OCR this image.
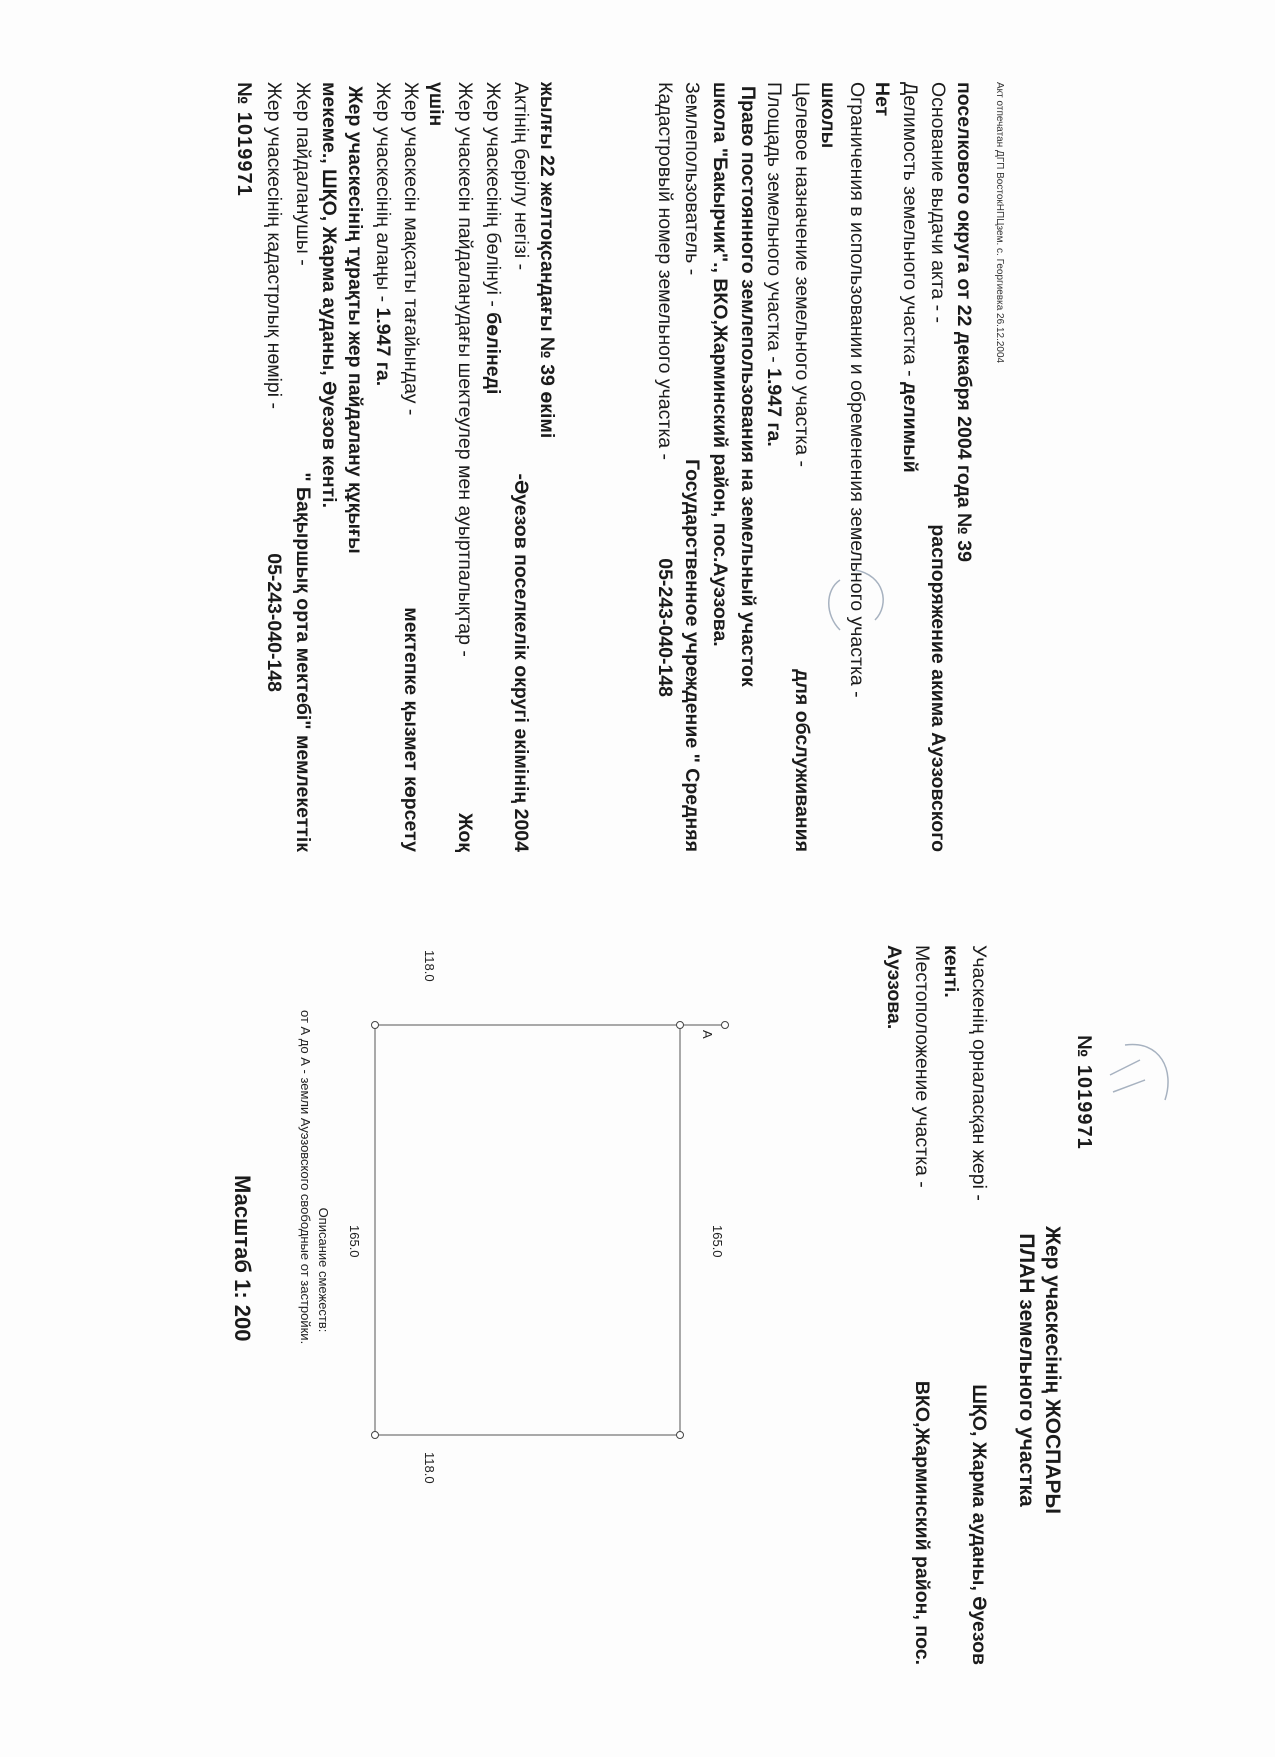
№ 1019971 Жер учаскесінің кадастрлық нөмірі -
05-243-040-148
Жер пайдаланушы -
" Бақыршық орта мектебі" мемлекеттік
мекеме., ШҚО, Жарма ауданы, Әуезов кенті. Жер учаскесінің тұрақты жер пайдалану құқығы Жер учаскесінің алаңы - 1.947 га. Жер учаскесін мақсаты тағайындау -
мектепке қызмет көрсету
үшін Жер учаскесін пайдаланудағы шектеулер мен ауыртпалықтар -
Жоқ
Жер учаскесінің бөлінуі - бөлінеді
Актінің берілу негізі -
-Әуезов поселкелік округі әкімінің 2004
жылғы 22 желтоқсандағы № 39 өкімі	Кадастровый номер земельного участка -
05-243-040-148
Землепользователь -
Государственное учреждение " Средняя
школа "Бакырчик"., ВКО,Жарминский район, пос.Ауэзова. Право постоянного землепользования на земельный участок Площадь земельного участка - 1.947 га. Целевое назначение земельного участка -
для обслуживания
школы Ограничения в использовании и обременения земельного участка - Нет Делимость земельного участка - делимый
Основание выдачи акта - -
распоряжение акима Ауэзовского
поселкового округа от 22 декабря 2004 года № 39 Акт отпечатан ДГП ВостокНПЦзем. с. Георгиевка 26.12.2004
№ 1019971
Жер учаскесінің ЖОСПАРЫ
ПЛАН земельного участка
Учаскенің орналасқан жері -
ШҚО, Жарма ауданы, Әуезов
кенті.
Местоположение участка -
ВКО,Жарминский район, пос.
Ауэзова.
A
165.0
165.0
118.0
118.0
Описание смежеств:
от А до А - земли Ауэзовского свободные от застройки.
Масштаб 1: 200
